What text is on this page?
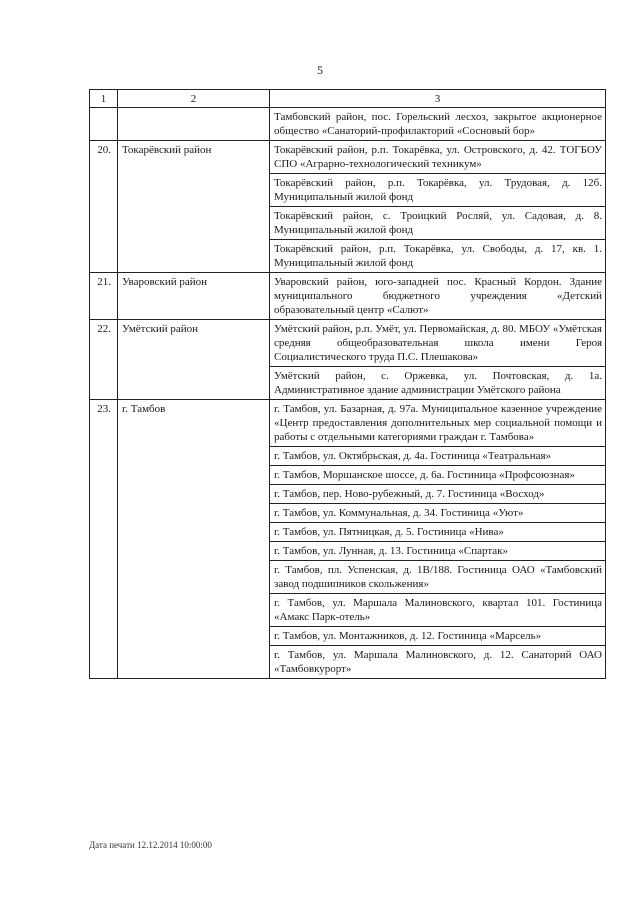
5
1	2	3
		Тамбовский район, пос. Горельский лесхоз, закрытое акционерное общество «Санаторий-профилакторий «Сосновый бор»
20.	Токарёвский район	Токарёвский район, р.п. Токарёвка, ул. Островского, д. 42. ТОГБОУ СПО «Аграрно-технологический техникум»
		Токарёвский район, р.п. Токарёвка, ул. Трудовая, д. 12б. Муниципальный жилой фонд
		Токарёвский район, с. Троицкий Росляй, ул. Садовая, д. 8. Муниципальный жилой фонд
		Токарёвский район, р.п. Токарёвка, ул. Свободы, д. 17, кв. 1. Муниципальный жилой фонд
21.	Уваровский район	Уваровский район, юго-западней пос. Красный Кордон. Здание муниципального бюджетного учреждения «Детский образовательный центр «Салют»
22.	Умётский район	Умётский район, р.п. Умёт, ул. Первомайская, д. 80. МБОУ «Умётская средняя общеобразовательная школа имени Героя Социалистического труда П.С. Плешакова»
		Умётский район, с. Оржевка, ул. Почтовская, д. 1а. Административное здание администрации Умётского района
23.	г. Тамбов	г. Тамбов, ул. Базарная, д. 97а. Муниципальное казенное учреждение «Центр предоставления дополнительных мер социальной помощи и работы с отдельными категориями граждан г. Тамбова»
		г. Тамбов, ул. Октябрьская, д. 4а. Гостиница «Театральная»
		г. Тамбов, Моршанское шоссе, д. 6а. Гостиница «Профсоюзная»
		г. Тамбов, пер. Ново-рубежный, д. 7. Гостиница «Восход»
		г. Тамбов, ул. Коммунальная, д. 34. Гостиница «Уют»
		г. Тамбов, ул. Пятницкая, д. 5. Гостиница «Нива»
		г. Тамбов, ул. Лунная, д. 13. Гостиница «Спартак»
		г. Тамбов, пл. Успенская, д. 1В/188. Гостиница ОАО «Тамбовский завод подшипников скольжения»
		г. Тамбов, ул. Маршала Малиновского, квартал 101. Гостиница «Амакс Парк-отель»
		г. Тамбов, ул. Монтажников, д. 12. Гостиница «Марсель»
		г. Тамбов, ул. Маршала Малиновского, д. 12. Санаторий ОАО «Тамбовкурорт»
Дата печати 12.12.2014 10:00:00
